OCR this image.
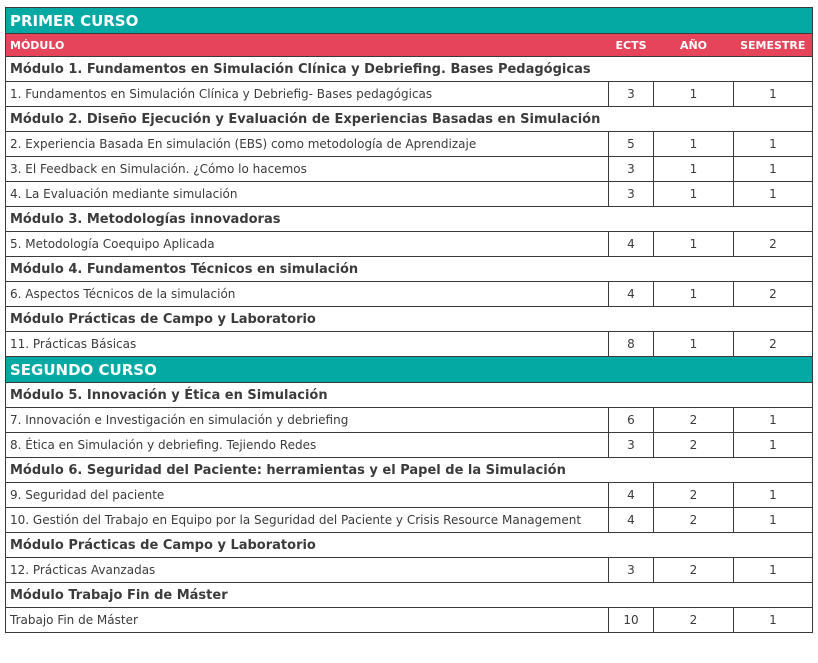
PRIMER CURSO			
MÓDULO	ECTS	AÑO	SEMESTRE
Módulo 1. Fundamentos en Simulación Clínica y Debriefing. Bases Pedagógicas			
1. Fundamentos en Simulación Clínica y Debriefig- Bases pedagógicas	3	1	1
Módulo 2. Diseño Ejecución y Evaluación de Experiencias Basadas en Simulación			
2. Experiencia Basada En simulación (EBS) como metodología de Aprendizaje	5	1	1
3. El Feedback en Simulación. ¿Cómo lo hacemos	3	1	1
4. La Evaluación mediante simulación	3	1	1
Módulo 3. Metodologías innovadoras			
5. Metodología Coequipo Aplicada	4	1	2
Módulo 4. Fundamentos Técnicos en simulación			
6. Aspectos Técnicos de la simulación	4	1	2
Módulo Prácticas de Campo y Laboratorio			
11. Prácticas Básicas	8	1	2
SEGUNDO CURSO			
Módulo 5. Innovación y Ética en Simulación			
7. Innovación e Investigación en simulación y debriefing	6	2	1
8. Ética en Simulación y debriefing. Tejiendo Redes	3	2	1
Módulo 6. Seguridad del Paciente: herramientas y el Papel de la Simulación			
9. Seguridad del paciente	4	2	1
10. Gestión del Trabajo en Equipo por la Seguridad del Paciente y Crisis Resource Management	4	2	1
Módulo Prácticas de Campo y Laboratorio			
12. Prácticas Avanzadas	3	2	1
Módulo Trabajo Fin de Máster			
Trabajo Fin de Máster	10	2	1
